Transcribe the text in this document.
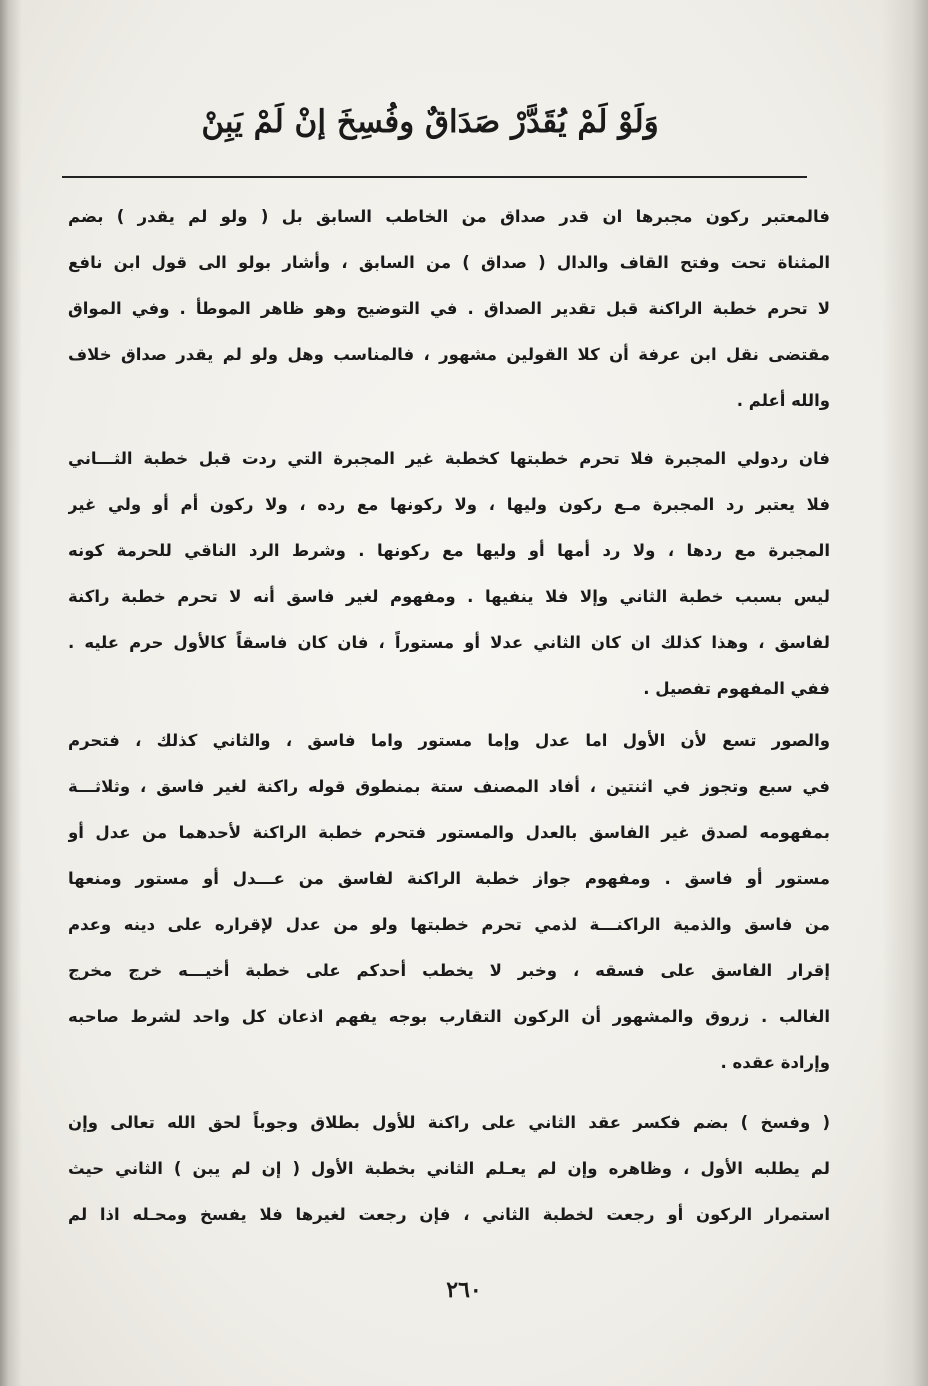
وَلَوْ لَمْ يُقَدَّرْ صَدَاقٌ وفُسِخَ إنْ لَمْ يَبِنْ
فالمعتبر ركون مجبرها ان قدر صداق من الخاطب السابق بل ( ولو لم يقدر ) بضم
المثناة تحت وفتح القاف والدال ( صداق ) من السابق ، وأشار بولو الى قول ابن نافع
لا تحرم خطبة الراكنة قبل تقدير الصداق . في التوضيح وهو ظاهر الموطأ . وفي المواق
مقتضى نقل ابن عرفة أن كلا القولين مشهور ، فالمناسب وهل ولو لم يقدر صداق خلاف
والله أعلم .
فان ردولي المجبرة فلا تحرم خطبتها كخطبة غير المجبرة التي ردت قبل خطبة الثـــاني
فلا يعتبر رد المجبرة مـع ركون وليها ، ولا ركونها مع رده ، ولا ركون أم أو ولي غير
المجبرة مع ردها ، ولا رد أمها أو وليها مع ركونها . وشرط الرد الناقي للحرمة كونه
ليس بسبب خطبة الثاني وإلا فلا ينفيها . ومفهوم لغير فاسق أنه لا تحرم خطبة راكنة
لفاسق ، وهذا كذلك ان كان الثاني عدلا أو مستوراً ، فان كان فاسقاً كالأول حرم عليه .
ففي المفهوم تفصيل .
والصور تسع لأن الأول اما عدل وإما مستور واما فاسق ، والثاني كذلك ، فتحرم
في سبع وتجوز في اثنتين ، أفاد المصنف ستة بمنطوق قوله راكنة لغير فاسق ، وثلاثـــة
بمفهومه لصدق غير الفاسق بالعدل والمستور فتحرم خطبة الراكنة لأحدهما من عدل أو
مستور أو فاسق . ومفهوم جواز خطبة الراكنة لفاسق من عـــدل أو مستور ومنعها
من فاسق والذمية الراكنـــة لذمي تحرم خطبتها ولو من عدل لإقراره على دينه وعدم
إقرار الفاسق على فسقه ، وخبر لا يخطب أحدكم على خطبة أخيـــه خرج مخرج
الغالب . زروق والمشهور أن الركون التقارب بوجه يفهم اذعان كل واحد لشرط صاحبه
وإرادة عقده .
( وفسخ ) بضم فكسر عقد الثاني على راكنة للأول بطلاق وجوباً لحق الله تعالى وإن
لم يطلبه الأول ، وظاهره وإن لم يعـلم الثاني بخطبة الأول ( إن لم يبن ) الثاني حيث
استمرار الركون أو رجعت لخطبة الثاني ، فإن رجعت لغيرها فلا يفسخ ومحـله اذا لم
٢٦٠
